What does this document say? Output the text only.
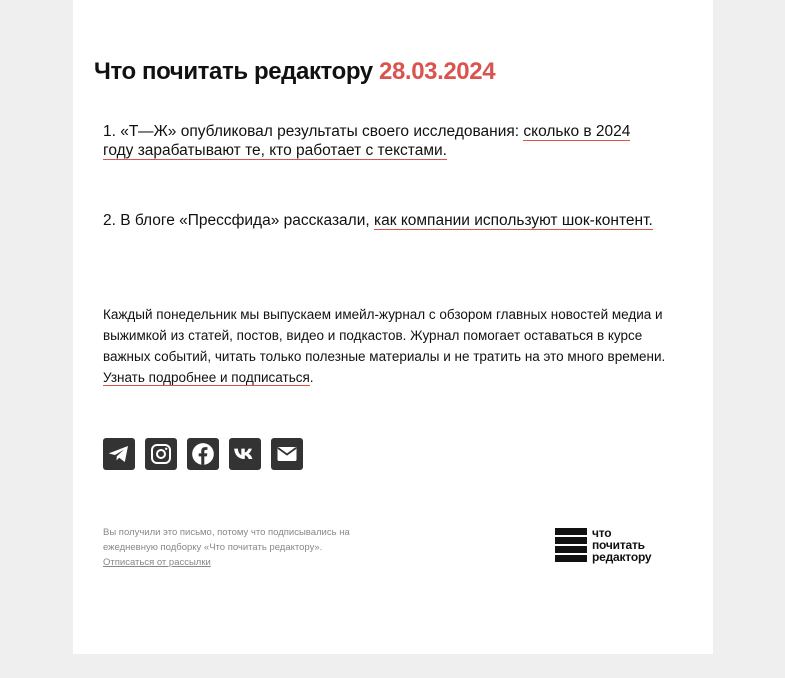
Что почитать редактору 28.03.2024

1. «Т—Ж» опубликовал результаты своего исследования: сколько в 2024 году зарабатывают те, кто работает с текстами.

2. В блоге «Прессфида» рассказали, как компании используют шок-контент.

Каждый понедельник мы выпускаем имейл-журнал с обзором главных новостей медиа и выжимкой из статей, постов, видео и подкастов. Журнал помогает оставаться в курсе важных событий, читать только полезные материалы и не тратить на это много времени. Узнать подробнее и подписаться.

Вы получили это письмо, потому что подписывались на ежедневную подборку «Что почитать редактору».
Отписаться от рассылки

что
почитать
редактору
